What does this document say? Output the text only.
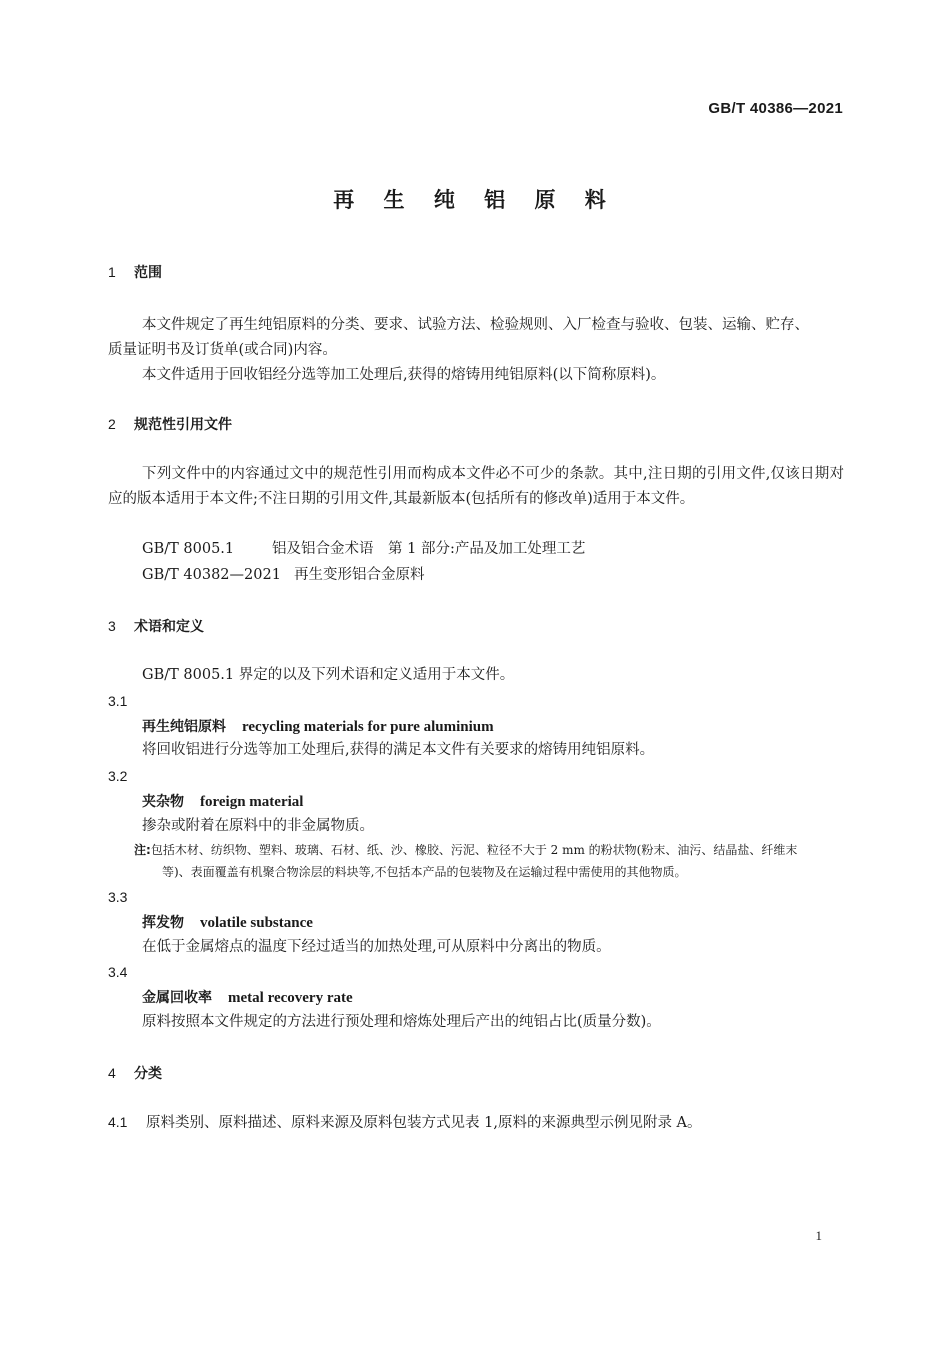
GB/T 40386—2021
再 生 纯 铝 原 料
1 范围
本文件规定了再生纯铝原料的分类、要求、试验方法、检验规则、入厂检查与验收、包装、运输、贮存、
质量证明书及订货单(或合同)内容。
本文件适用于回收铝经分选等加工处理后,获得的熔铸用纯铝原料(以下简称原料)。
2 规范性引用文件
下列文件中的内容通过文中的规范性引用而构成本文件必不可少的条款。其中,注日期的引用文件,仅该日期对应的版本适用于本文件;不注日期的引用文件,其最新版本(包括所有的修改单)适用于本文件。
GB/T 8005.1	铝及铝合金术语　第 1 部分:产品及加工处理工艺
GB/T 40382—2021 再生变形铝合金原料
3 术语和定义
GB/T 8005.1 界定的以及下列术语和定义适用于本文件。
3.1
再生纯铝原料 recycling materials for pure aluminium
将回收铝进行分选等加工处理后,获得的满足本文件有关要求的熔铸用纯铝原料。
3.2
夹杂物 foreign material
掺杂或附着在原料中的非金属物质。
注:包括木材、纺织物、塑料、玻璃、石材、纸、沙、橡胶、污泥、粒径不大于 2 mm 的粉状物(粉末、油污、结晶盐、纤维末
等)、表面覆盖有机聚合物涂层的料块等,不包括本产品的包装物及在运输过程中需使用的其他物质。
3.3
挥发物 volatile substance
在低于金属熔点的温度下经过适当的加热处理,可从原料中分离出的物质。
3.4
金属回收率 metal recovery rate
原料按照本文件规定的方法进行预处理和熔炼处理后产出的纯铝占比(质量分数)。
4 分类
4.1 原料类别、原料描述、原料来源及原料包装方式见表 1,原料的来源典型示例见附录 A。
1
